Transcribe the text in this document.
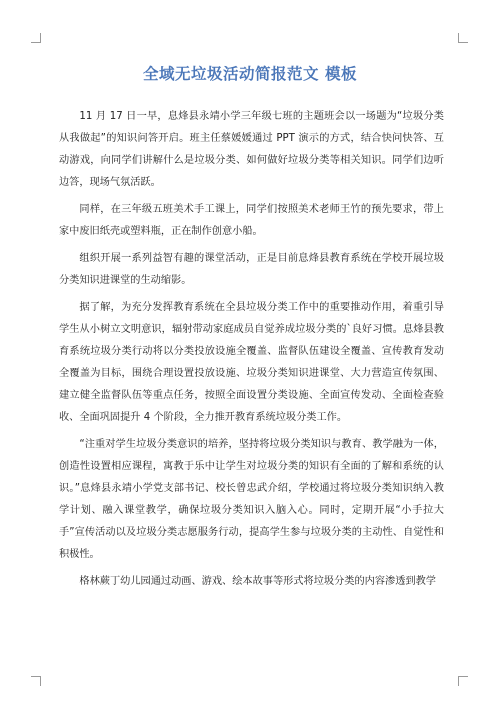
全域无垃圾活动简报范文 模板

11 月 17 日一早，息烽县永靖小学三年级七班的主题班会以一场题为“垃圾分类从我做起”的知识问答开启。班主任蔡媛媛通过 PPT 演示的方式，结合快问快答、互动游戏，向同学们讲解什么是垃圾分类、如何做好垃圾分类等相关知识。同学们边听边答，现场气氛活跃。

同样，在三年级五班美术手工课上，同学们按照美术老师王竹的预先要求，带上家中废旧纸壳或塑料瓶，正在制作创意小船。

组织开展一系列益智有趣的课堂活动，正是目前息烽县教育系统在学校开展垃圾分类知识进课堂的生动缩影。

据了解，为充分发挥教育系统在全县垃圾分类工作中的重要推动作用，着重引导学生从小树立文明意识，辐射带动家庭成员自觉养成垃圾分类的`良好习惯。息烽县教育系统垃圾分类行动将以分类投放设施全覆盖、监督队伍建设全覆盖、宣传教育发动全覆盖为目标，围绕合理设置投放设施、垃圾分类知识进课堂、大力营造宣传氛围、建立健全监督队伍等重点任务，按照全面设置分类设施、全面宣传发动、全面检查验收、全面巩固提升 4 个阶段，全力推开教育系统垃圾分类工作。

“注重对学生垃圾分类意识的培养，坚持将垃圾分类知识与教育、教学融为一体，创造性设置相应课程，寓教于乐中让学生对垃圾分类的知识有全面的了解和系统的认识。”息烽县永靖小学党支部书记、校长曾忠武介绍，学校通过将垃圾分类知识纳入教学计划、融入课堂教学，确保垃圾分类知识入脑入心。同时，定期开展“小手拉大手”宣传活动以及垃圾分类志愿服务行动，提高学生参与垃圾分类的主动性、自觉性和积极性。

格林蕨丁幼儿园通过动画、游戏、绘本故事等形式将垃圾分类的内容渗透到教学
